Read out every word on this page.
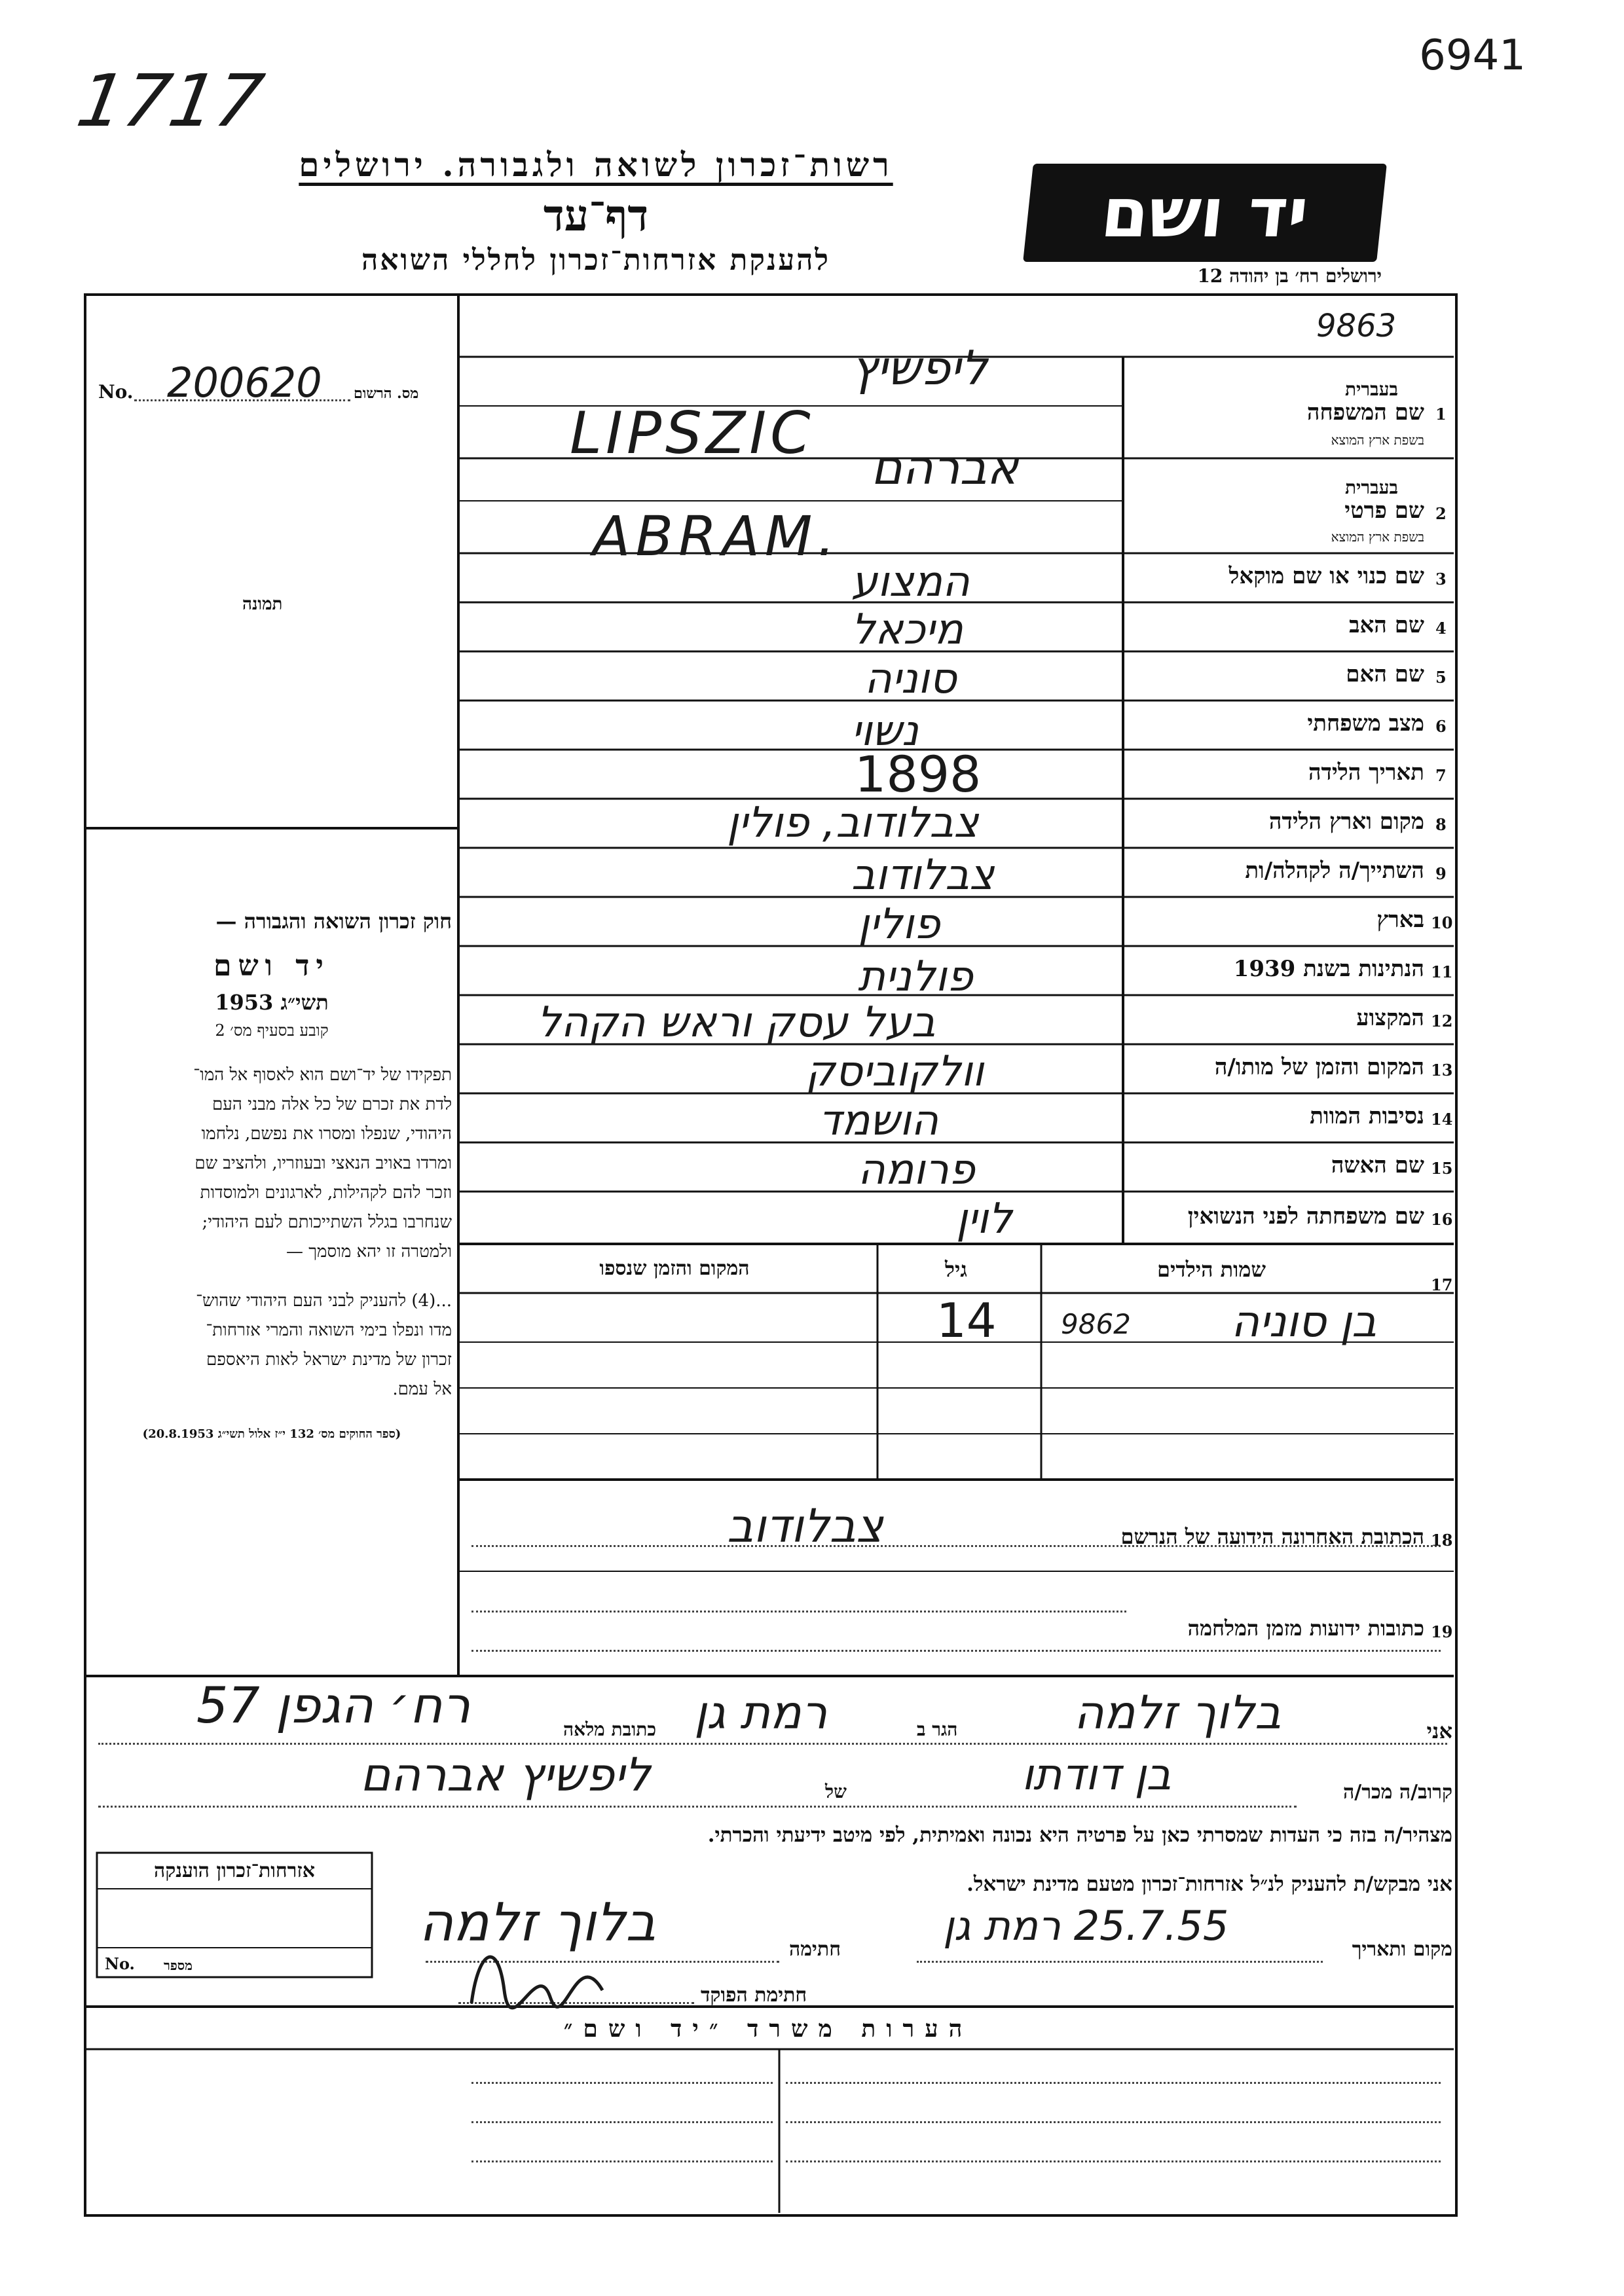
6941
1717
רשות־זכרון לשואה ולגבורה. ירושלים
דף־עד
להענקת אזרחות־זכרון לחללי השואה
יד ושם
ירושלים רח׳ בן יהודה 12
No. 200620 מס. הרשום
9863
תמונה
1
שם המשפחה
בעברית
בשפת ארץ המוצא
2
שם פרטי
בעברית
בשפת ארץ המוצא
3
שם כנוי או שם מוקאל
4
שם האב
5
שם האם
6
מצב משפחתי
7
תאריך הלידה
8
מקום וארץ הלידה
9
השתייך/ה לקהלה/ות
10
בארץ
11
הנתינות בשנת 1939
12
המקצוע
13
המקום והזמן של מותו/ה
14
נסיבות המוות
15
שם האשה
16
שם משפחתה לפני הנשואין
ליפשיץ
LIPSZIC
אברהם
ABRAM.
המצוע
מיכאל
סוניה
נשוי
1898
צבלודוב, פולין
צבלודוב
פולין
פולנית
בעל עסק וראש הקהל
וולקוביסק
הושמד
פרומה
לוין
17
שמות הילדים
גיל
המקום והזמן שנספו
בן סוניה
9862
14
18
הכתובת האחרונה הידועה של הנרשם
צבלודוב
19
כתובות ידועות מזמן המלחמה
חוק זכרון השואה והגבורה —
יד ושם
תשי״ג 1953
קובע בסעיף מס׳ 2
תפקידו של יד־ושם הוא לאסוף אל המו־
לדת את זכרם של כל אלה מבני העם
היהודי, שנפלו ומסרו את נפשם, נלחמו
ומרדו באויב הנאצי ובעוזריו, ולהציב שם
וזכר להם לקהילות, לארגונים ולמוסדות
שנחרבו בגלל השתייכותם לעם היהודי;
ולמטרה זו יהא מוסמך —
...(4) להעניק לבני העם היהודי שהוש־
מדו ונפלו בימי השואה והמרי אזרחות־
זכרון של מדינת ישראל לאות היאספם
אל עמם.
(ספר החוקים מס׳ 132 י״ז אלול תשי״ג 20.8.1953)
אני
בלוך זלמה
הגר ב
רמת גן
כתובת מלאה
רח׳ הגפן 57
קרוב/ה מכר/ה
בן דודתו
של
ליפשיץ אברהם
מצהיר/ה בזה כי העדות שמסרתי כאן על פרטיה היא נכונה ואמיתית, לפי מיטב ידיעתי והכרתי.
אני מבקש/ת להעניק לנ״ל אזרחות־זכרון מטעם מדינת ישראל.
מקום ותאריך
25.7.55 רמת גן
חתימה
בלוך זלמה
חתימת הפוקד
אזרחות־זכרון הוענקה
No. מספר
הערות משרד ״יד ושם״
